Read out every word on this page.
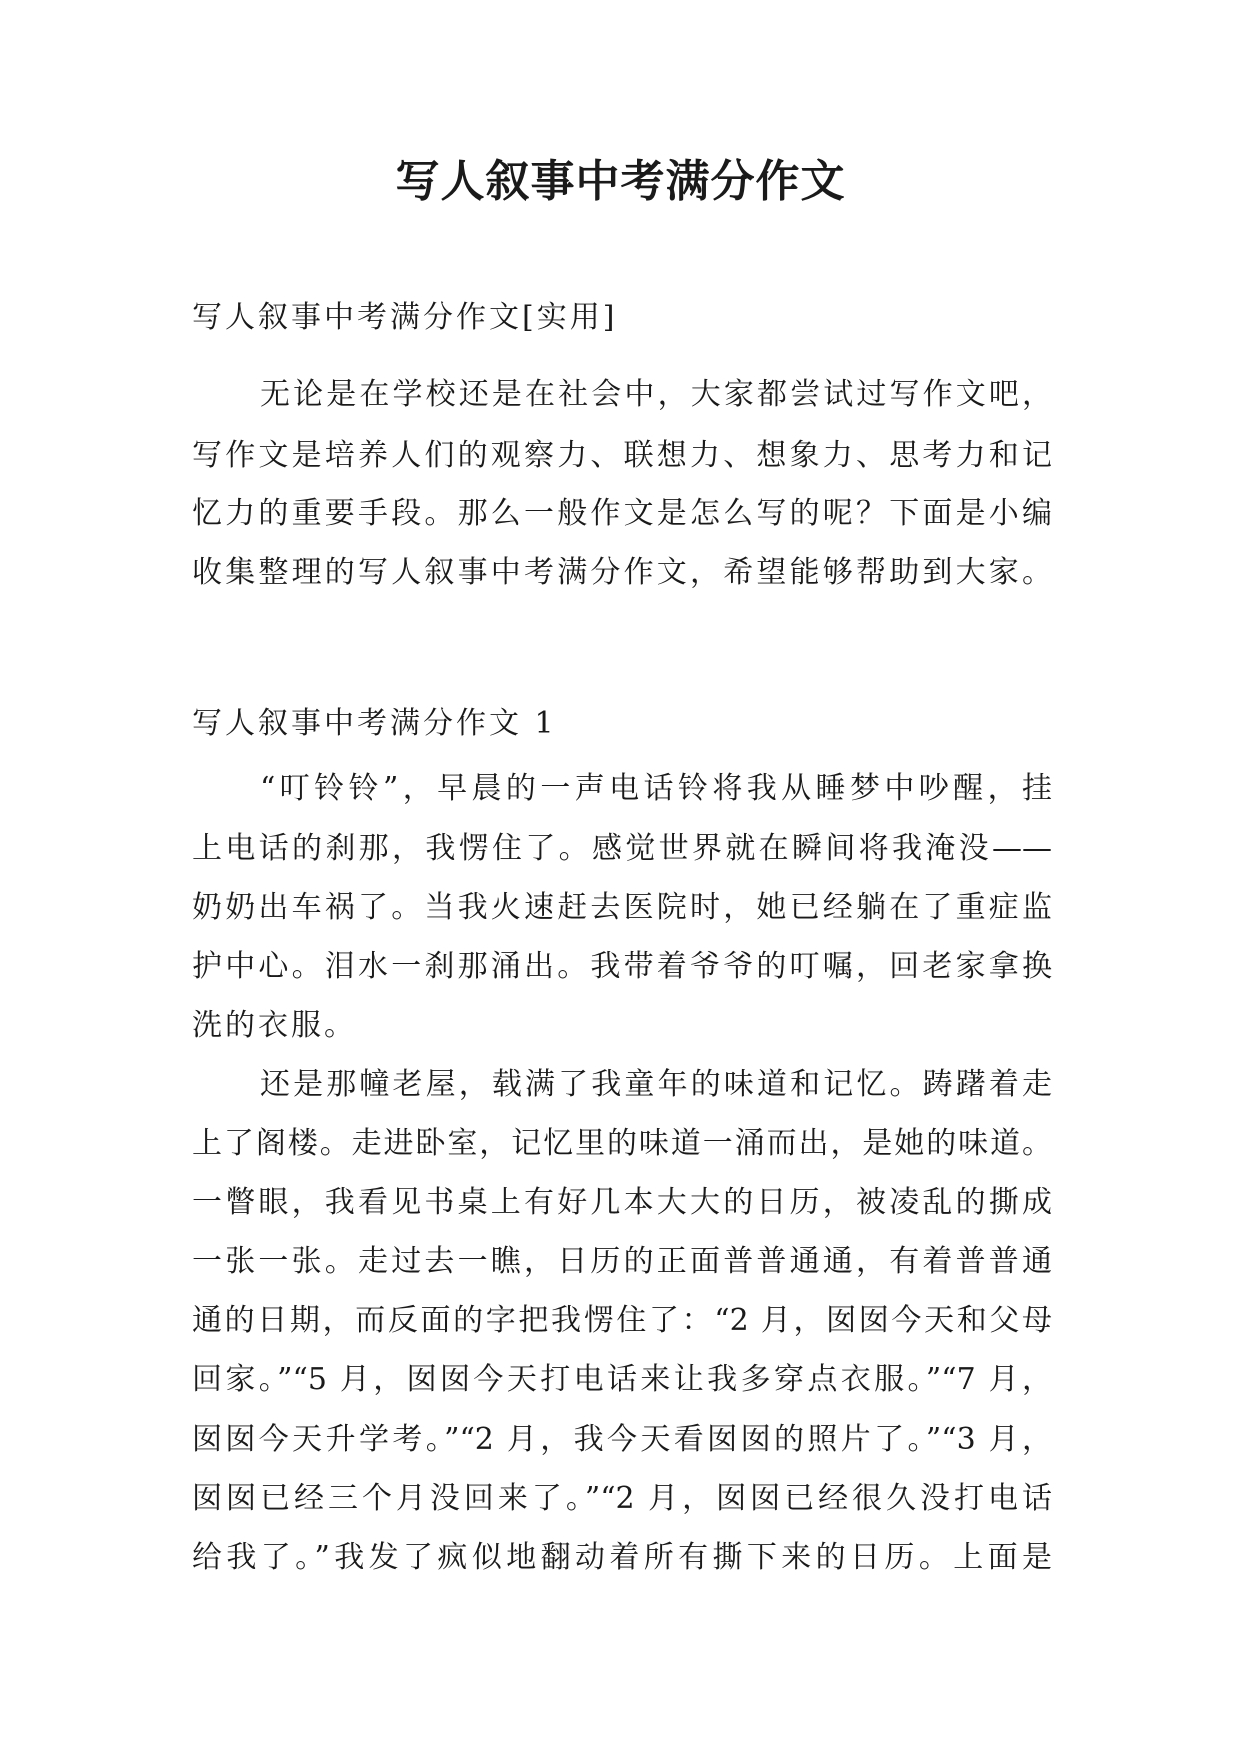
写人叙事中考满分作文

写人叙事中考满分作文[实用]

无论是在学校还是在社会中，大家都尝试过写作文吧，

写作文是培养人们的观察力、联想力、想象力、思考力和记

忆力的重要手段。那么一般作文是怎么写的呢？下面是小编

收集整理的写人叙事中考满分作文，希望能够帮助到大家。

写人叙事中考满分作文 1

“叮铃铃”，早晨的一声电话铃将我从睡梦中吵醒，挂

上电话的刹那，我愣住了。感觉世界就在瞬间将我淹没——

奶奶出车祸了。当我火速赶去医院时，她已经躺在了重症监

护中心。泪水一刹那涌出。我带着爷爷的叮嘱，回老家拿换

洗的衣服。

还是那幢老屋，载满了我童年的味道和记忆。踌躇着走

上了阁楼。走进卧室，记忆里的味道一涌而出，是她的味道。

一瞥眼，我看见书桌上有好几本大大的日历，被凌乱的撕成

一张一张。走过去一瞧，日历的正面普普通通，有着普普通

通的日期，而反面的字把我愣住了：“2 月，囡囡今天和父母

回家。”“5 月，囡囡今天打电话来让我多穿点衣服。”“7 月，

囡囡今天升学考。”“2 月，我今天看囡囡的照片了。”“3 月，

囡囡已经三个月没回来了。”“2 月，囡囡已经很久没打电话

给我了。”我发了疯似地翻动着所有撕下来的日历。上面是
